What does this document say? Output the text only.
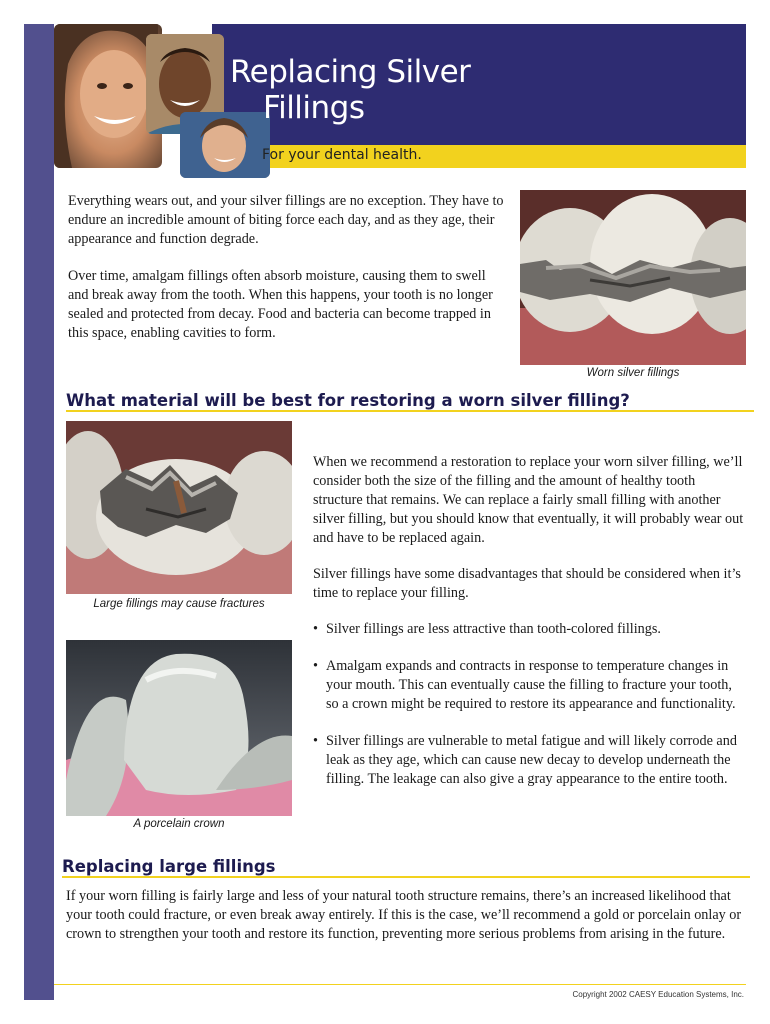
Replacing Silver
Fillings
For your dental health.

Everything wears out, and your silver fillings are no exception. They have to endure an incredible amount of biting force each day, and as they age, their appearance and function degrade.

Over time, amalgam fillings often absorb moisture, causing them to swell and break away from the tooth. When this happens, your tooth is no longer sealed and protected from decay. Food and bacteria can become trapped in this space, enabling cavities to form.

Worn silver fillings
What material will be best for restoring a worn silver filling?
Large fillings may cause fractures
A porcelain crown

When we recommend a restoration to replace your worn silver filling, we’ll consider both the size of the filling and the amount of healthy tooth structure that remains. We can replace a fairly small filling with another silver filling, but you should know that eventually, it will probably wear out and have to be replaced again.

Silver fillings have some disadvantages that should be considered when it’s time to replace your filling.

• Silver fillings are less attractive than tooth-colored fillings.
• Amalgam expands and contracts in response to temperature changes in your mouth. This can eventually cause the filling to fracture your tooth, so a crown might be required to restore its appearance and functionality.
• Silver fillings are vulnerable to metal fatigue and will likely corrode and leak as they age, which can cause new decay to develop underneath the filling. The leakage can also give a gray appearance to the entire tooth.
Replacing large fillings

If your worn filling is fairly large and less of your natural tooth structure remains, there’s an increased likelihood that your tooth could fracture, or even break away entirely. If this is the case, we’ll recommend a gold or porcelain onlay or crown to strengthen your tooth and restore its function, preventing more serious problems from arising in the future.

Copyright 2002 CAESY Education Systems, Inc.
